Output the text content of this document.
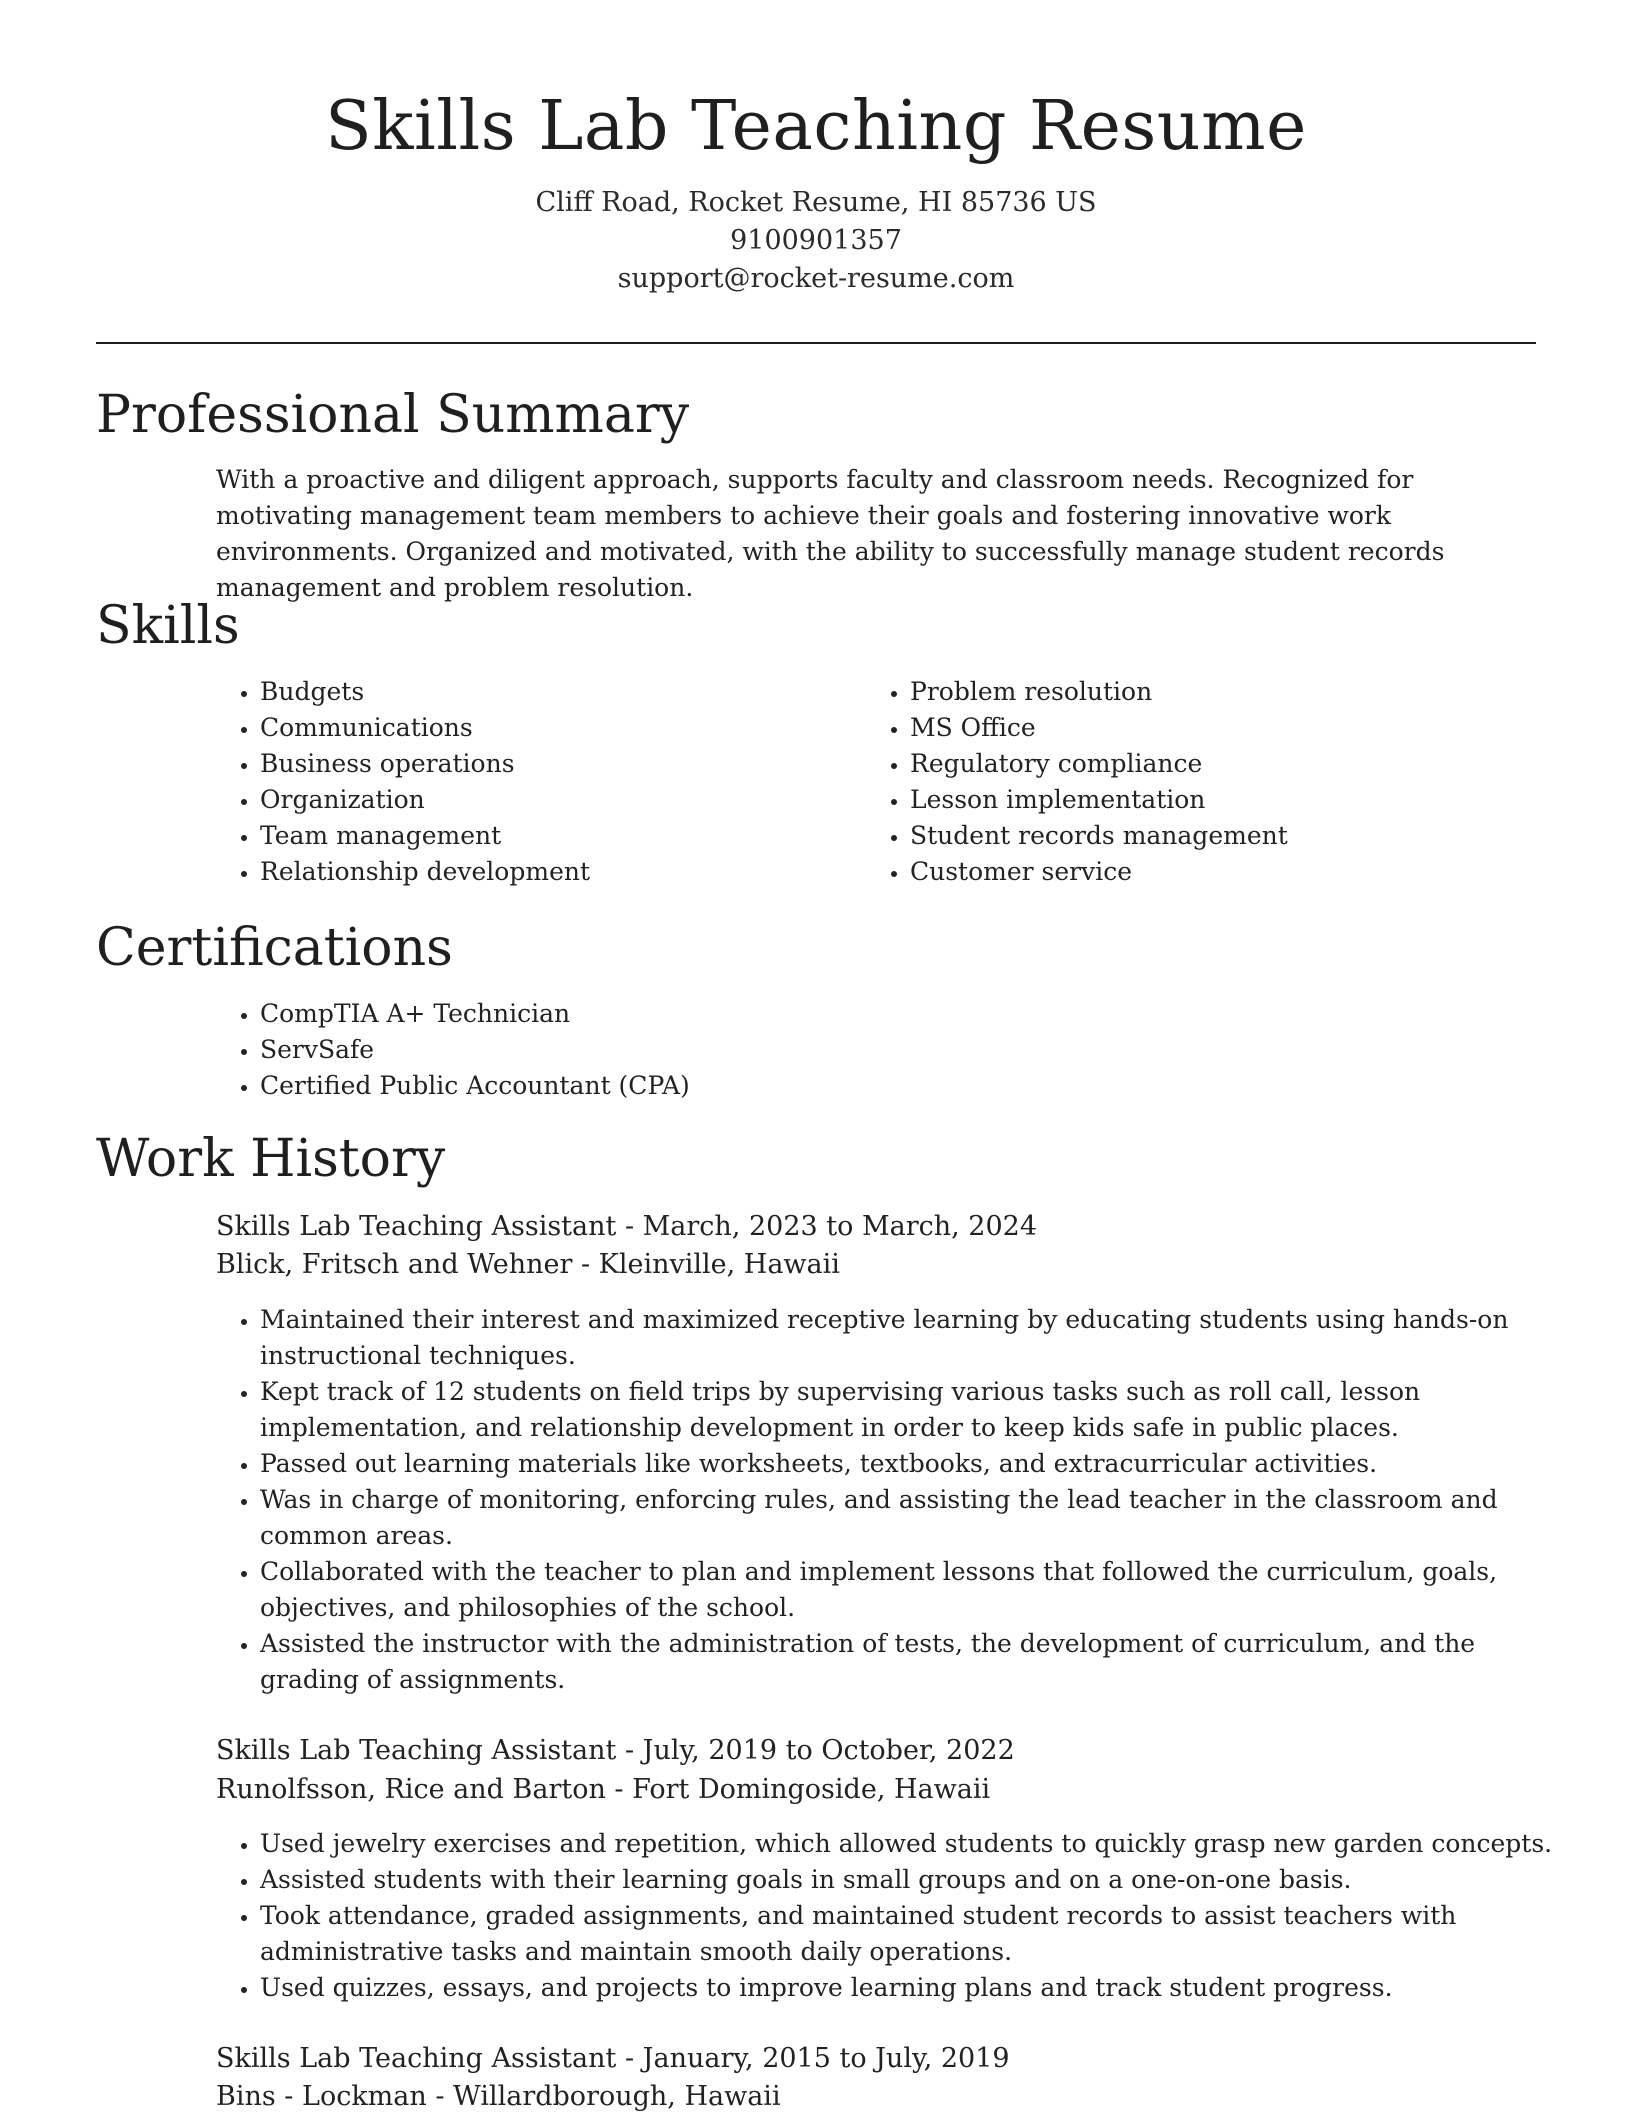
Skills Lab Teaching Resume
Cliff Road, Rocket Resume, HI 85736 US
9100901357
support@rocket-resume.com
Professional Summary
With a proactive and diligent approach, supports faculty and classroom needs. Recognized for motivating management team members to achieve their goals and fostering innovative work environments. Organized and motivated, with the ability to successfully manage student records management and problem resolution.
Skills
• Budgets
• Communications
• Business operations
• Organization
• Team management
• Relationship development
• Problem resolution
• MS Office
• Regulatory compliance
• Lesson implementation
• Student records management
• Customer service
Certifications
• CompTIA A+ Technician
• ServSafe
• Certified Public Accountant (CPA)
Work History
Skills Lab Teaching Assistant - March, 2023 to March, 2024
Blick, Fritsch and Wehner - Kleinville, Hawaii
• Maintained their interest and maximized receptive learning by educating students using hands-on instructional techniques.
• Kept track of 12 students on field trips by supervising various tasks such as roll call, lesson implementation, and relationship development in order to keep kids safe in public places.
• Passed out learning materials like worksheets, textbooks, and extracurricular activities.
• Was in charge of monitoring, enforcing rules, and assisting the lead teacher in the classroom and common areas.
• Collaborated with the teacher to plan and implement lessons that followed the curriculum, goals, objectives, and philosophies of the school.
• Assisted the instructor with the administration of tests, the development of curriculum, and the grading of assignments.
Skills Lab Teaching Assistant - July, 2019 to October, 2022
Runolfsson, Rice and Barton - Fort Domingoside, Hawaii
• Used jewelry exercises and repetition, which allowed students to quickly grasp new garden concepts.
• Assisted students with their learning goals in small groups and on a one-on-one basis.
• Took attendance, graded assignments, and maintained student records to assist teachers with administrative tasks and maintain smooth daily operations.
• Used quizzes, essays, and projects to improve learning plans and track student progress.
Skills Lab Teaching Assistant - January, 2015 to July, 2019
Bins - Lockman - Willardborough, Hawaii
